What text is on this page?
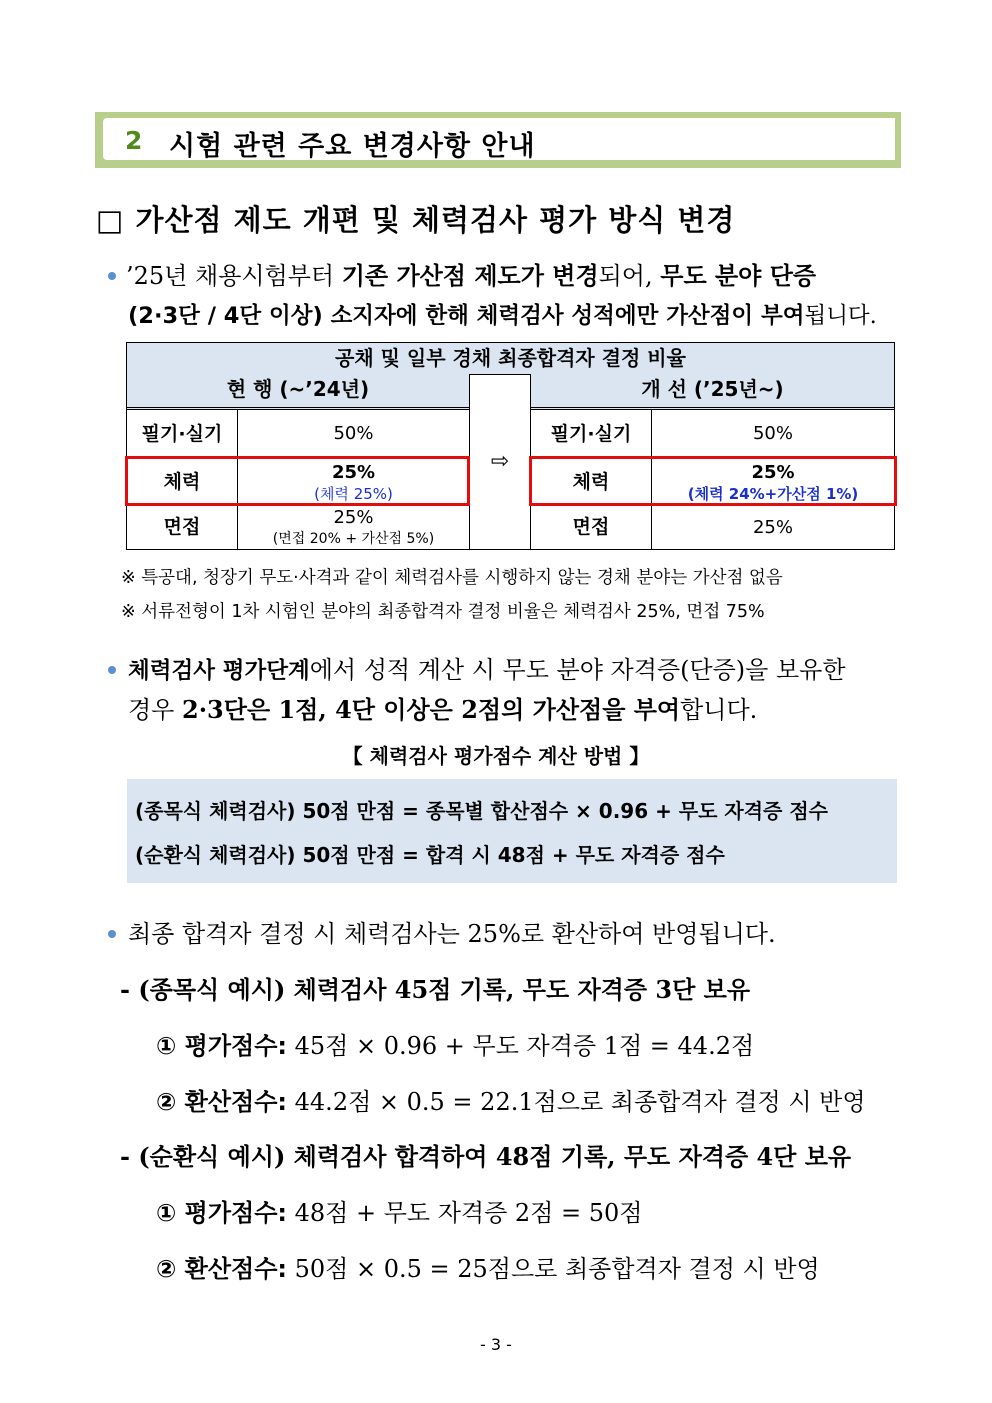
2 시험 관련 주요 변경사항 안내
□ 가산점 제도 개편 및 체력검사 평가 방식 변경
’25년 채용시험부터 기존 가산점 제도가 변경되어, 무도 분야 단증
(2·3단 / 4단 이상) 소지자에 한해 체력검사 성적에만 가산점이 부여됩니다.
공채 및 일부 경채 최종합격자 결정 비율
현 행 (~’24년)
필기·실기	50%
체력	25%
(체력 25%)
면접	25%
(면접 20% + 가산점 5%)
⇨
개 선 (’25년~)
필기·실기	50%
체력	25%
(체력 24%+가산점 1%)
면접	25%
※ 특공대, 청장기 무도·사격과 같이 체력검사를 시행하지 않는 경채 분야는 가산점 없음
※ 서류전형이 1차 시험인 분야의 최종합격자 결정 비율은 체력검사 25%, 면접 75%
체력검사 평가단계에서 성적 계산 시 무도 분야 자격증(단증)을 보유한
경우 2·3단은 1점, 4단 이상은 2점의 가산점을 부여합니다.
【 체력검사 평가점수 계산 방법 】
(종목식 체력검사) 50점 만점 = 종목별 합산점수 × 0.96 + 무도 자격증 점수
(순환식 체력검사) 50점 만점 = 합격 시 48점 + 무도 자격증 점수
최종 합격자 결정 시 체력검사는 25%로 환산하여 반영됩니다.
- (종목식 예시) 체력검사 45점 기록, 무도 자격증 3단 보유
① 평가점수: 45점 × 0.96 + 무도 자격증 1점 = 44.2점
② 환산점수: 44.2점 × 0.5 = 22.1점으로 최종합격자 결정 시 반영
- (순환식 예시) 체력검사 합격하여 48점 기록, 무도 자격증 4단 보유
① 평가점수: 48점 + 무도 자격증 2점 = 50점
② 환산점수: 50점 × 0.5 = 25점으로 최종합격자 결정 시 반영
- 3 -
